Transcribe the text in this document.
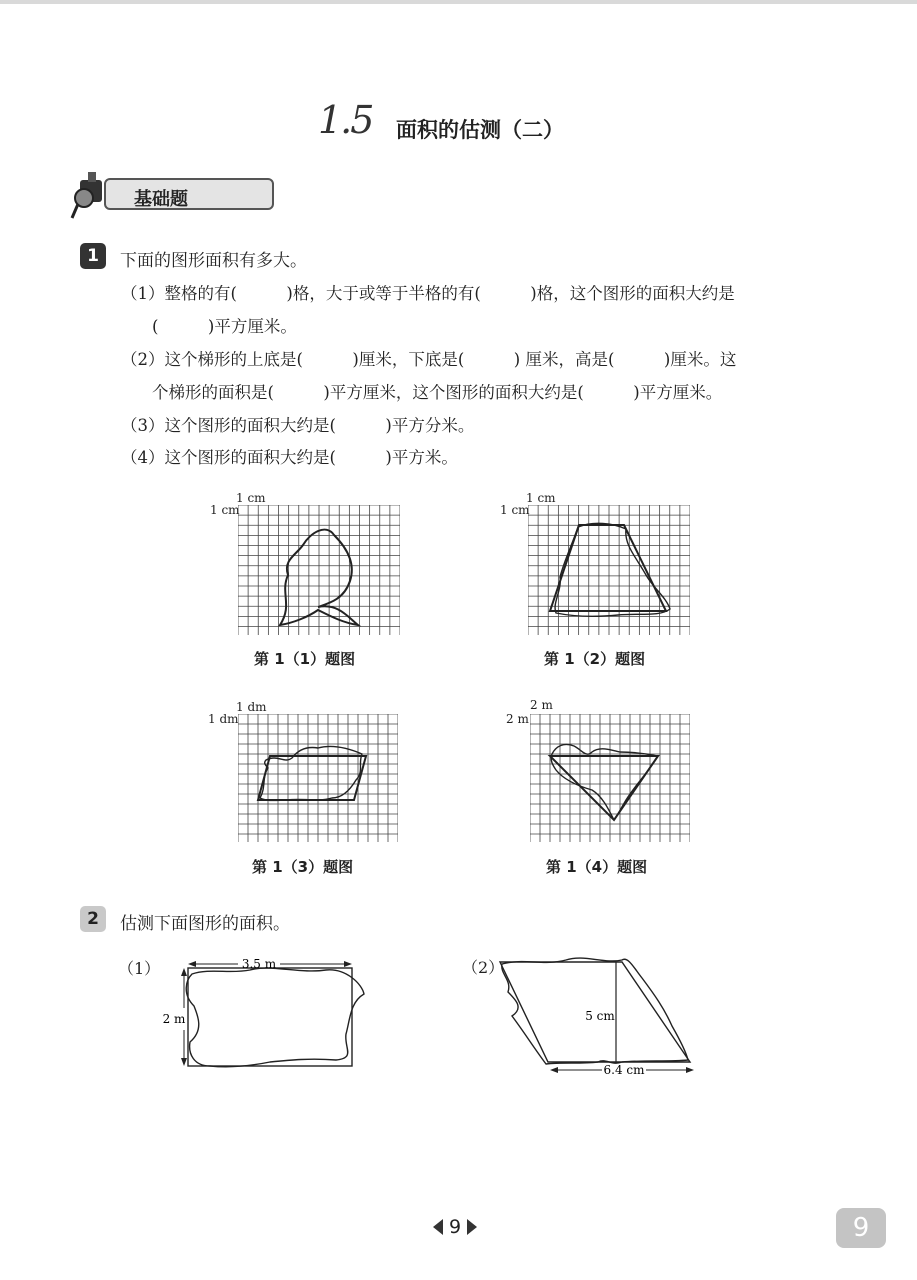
1.5 面积的估测（二）
基础题
1	下面的图形面积有多大。
（1）整格的有(　　　)格，大于或等于半格的有(　　　)格，这个图形的面积大约是
(　　　)平方厘米。
（2）这个梯形的上底是(　　　)厘米，下底是(　　　) 厘米，高是(　　　)厘米。这
个梯形的面积是(　　　)平方厘米，这个图形的面积大约是(　　　)平方厘米。
（3）这个图形的面积大约是(　　　)平方分米。
（4）这个图形的面积大约是(　　　)平方米。
1 cm
1 cm
第 1（1）题图
1 cm
1 cm
第 1（2）题图
1 dm
1 dm
第 1（3）题图
2 m
2 m
第 1（4）题图
2	估测下面图形的面积。
（1）	3.5 m
2 m
（2）
5 cm
6.4 cm
9	9
